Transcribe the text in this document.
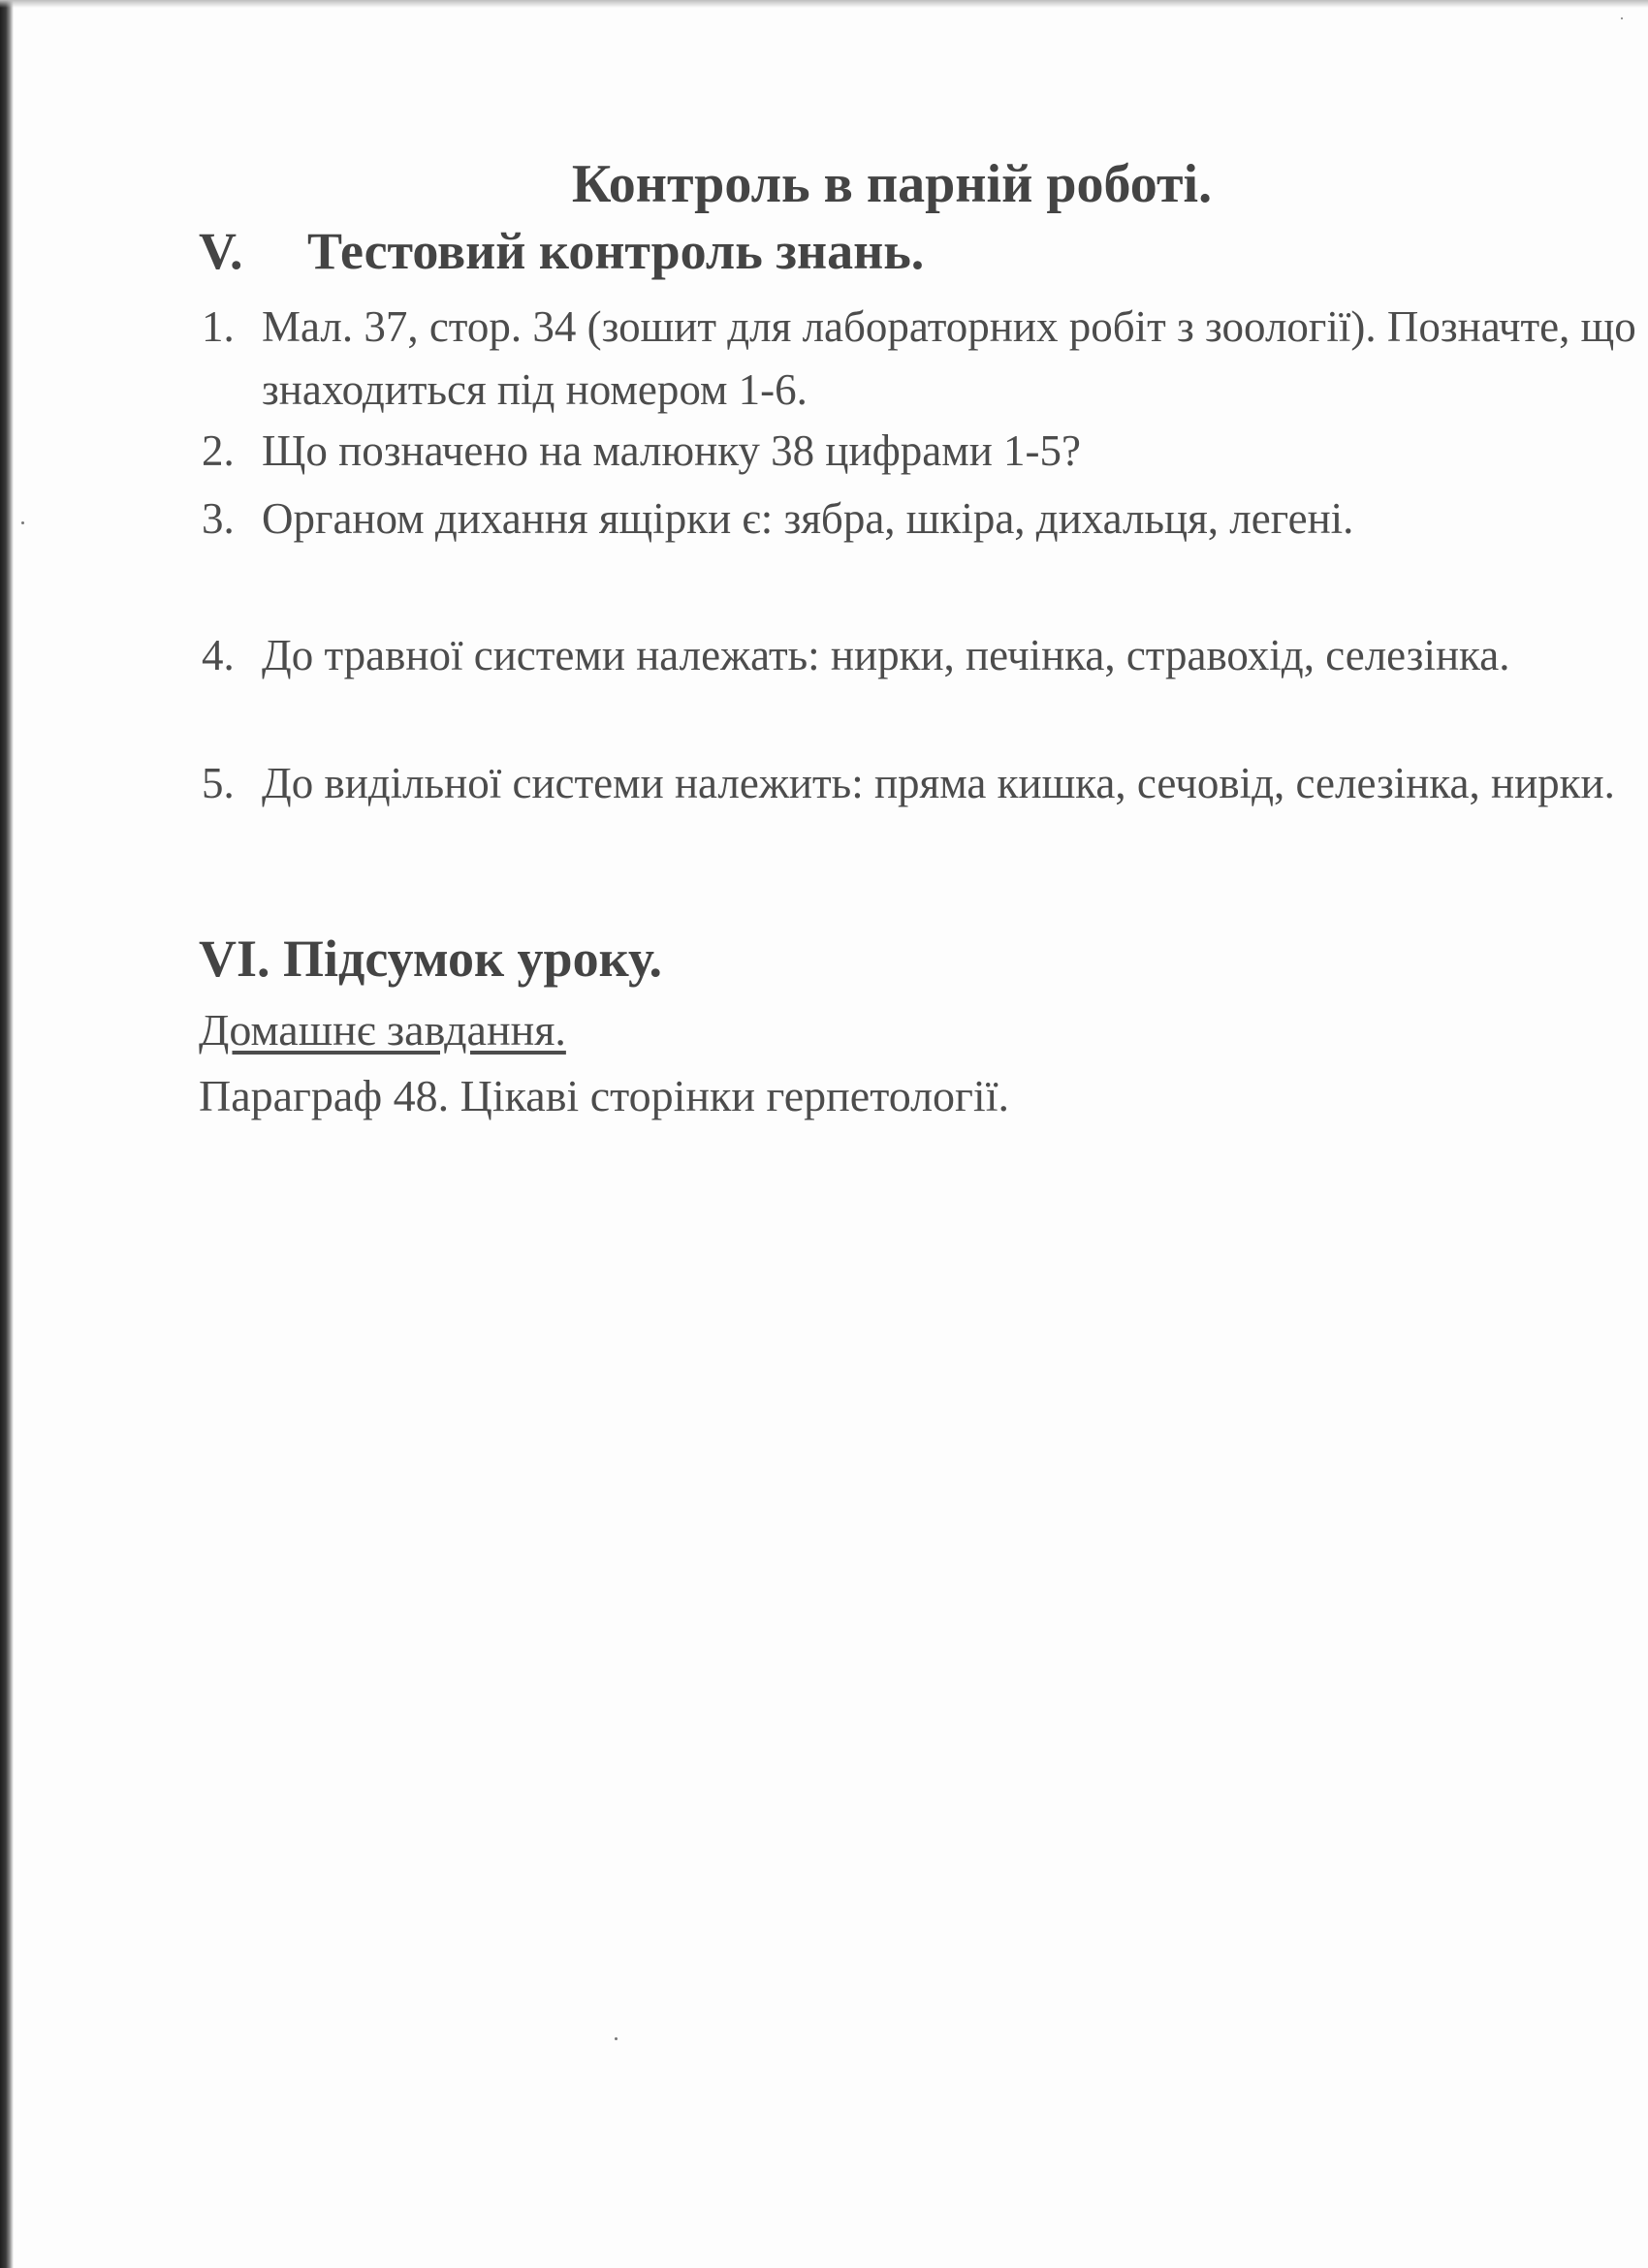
Контроль в парній роботі.
V. Тестовий контроль знань.
1. Мал. 37, стор. 34 (зошит для лабораторних робіт з зоології). Позначте, що знаходиться під номером 1-6.
2. Що позначено на малюнку 38 цифрами 1-5?
3. Органом дихання ящірки є: зябра, шкіра, дихальця, легені.
4. До травної системи належать: нирки, печінка, стравохід, селезінка.
5. До видільної системи належить: пряма кишка, сечовід, селезінка, нирки.
VI. Підсумок уроку.
Домашнє завдання.
Параграф 48. Цікаві сторінки герпетології.
